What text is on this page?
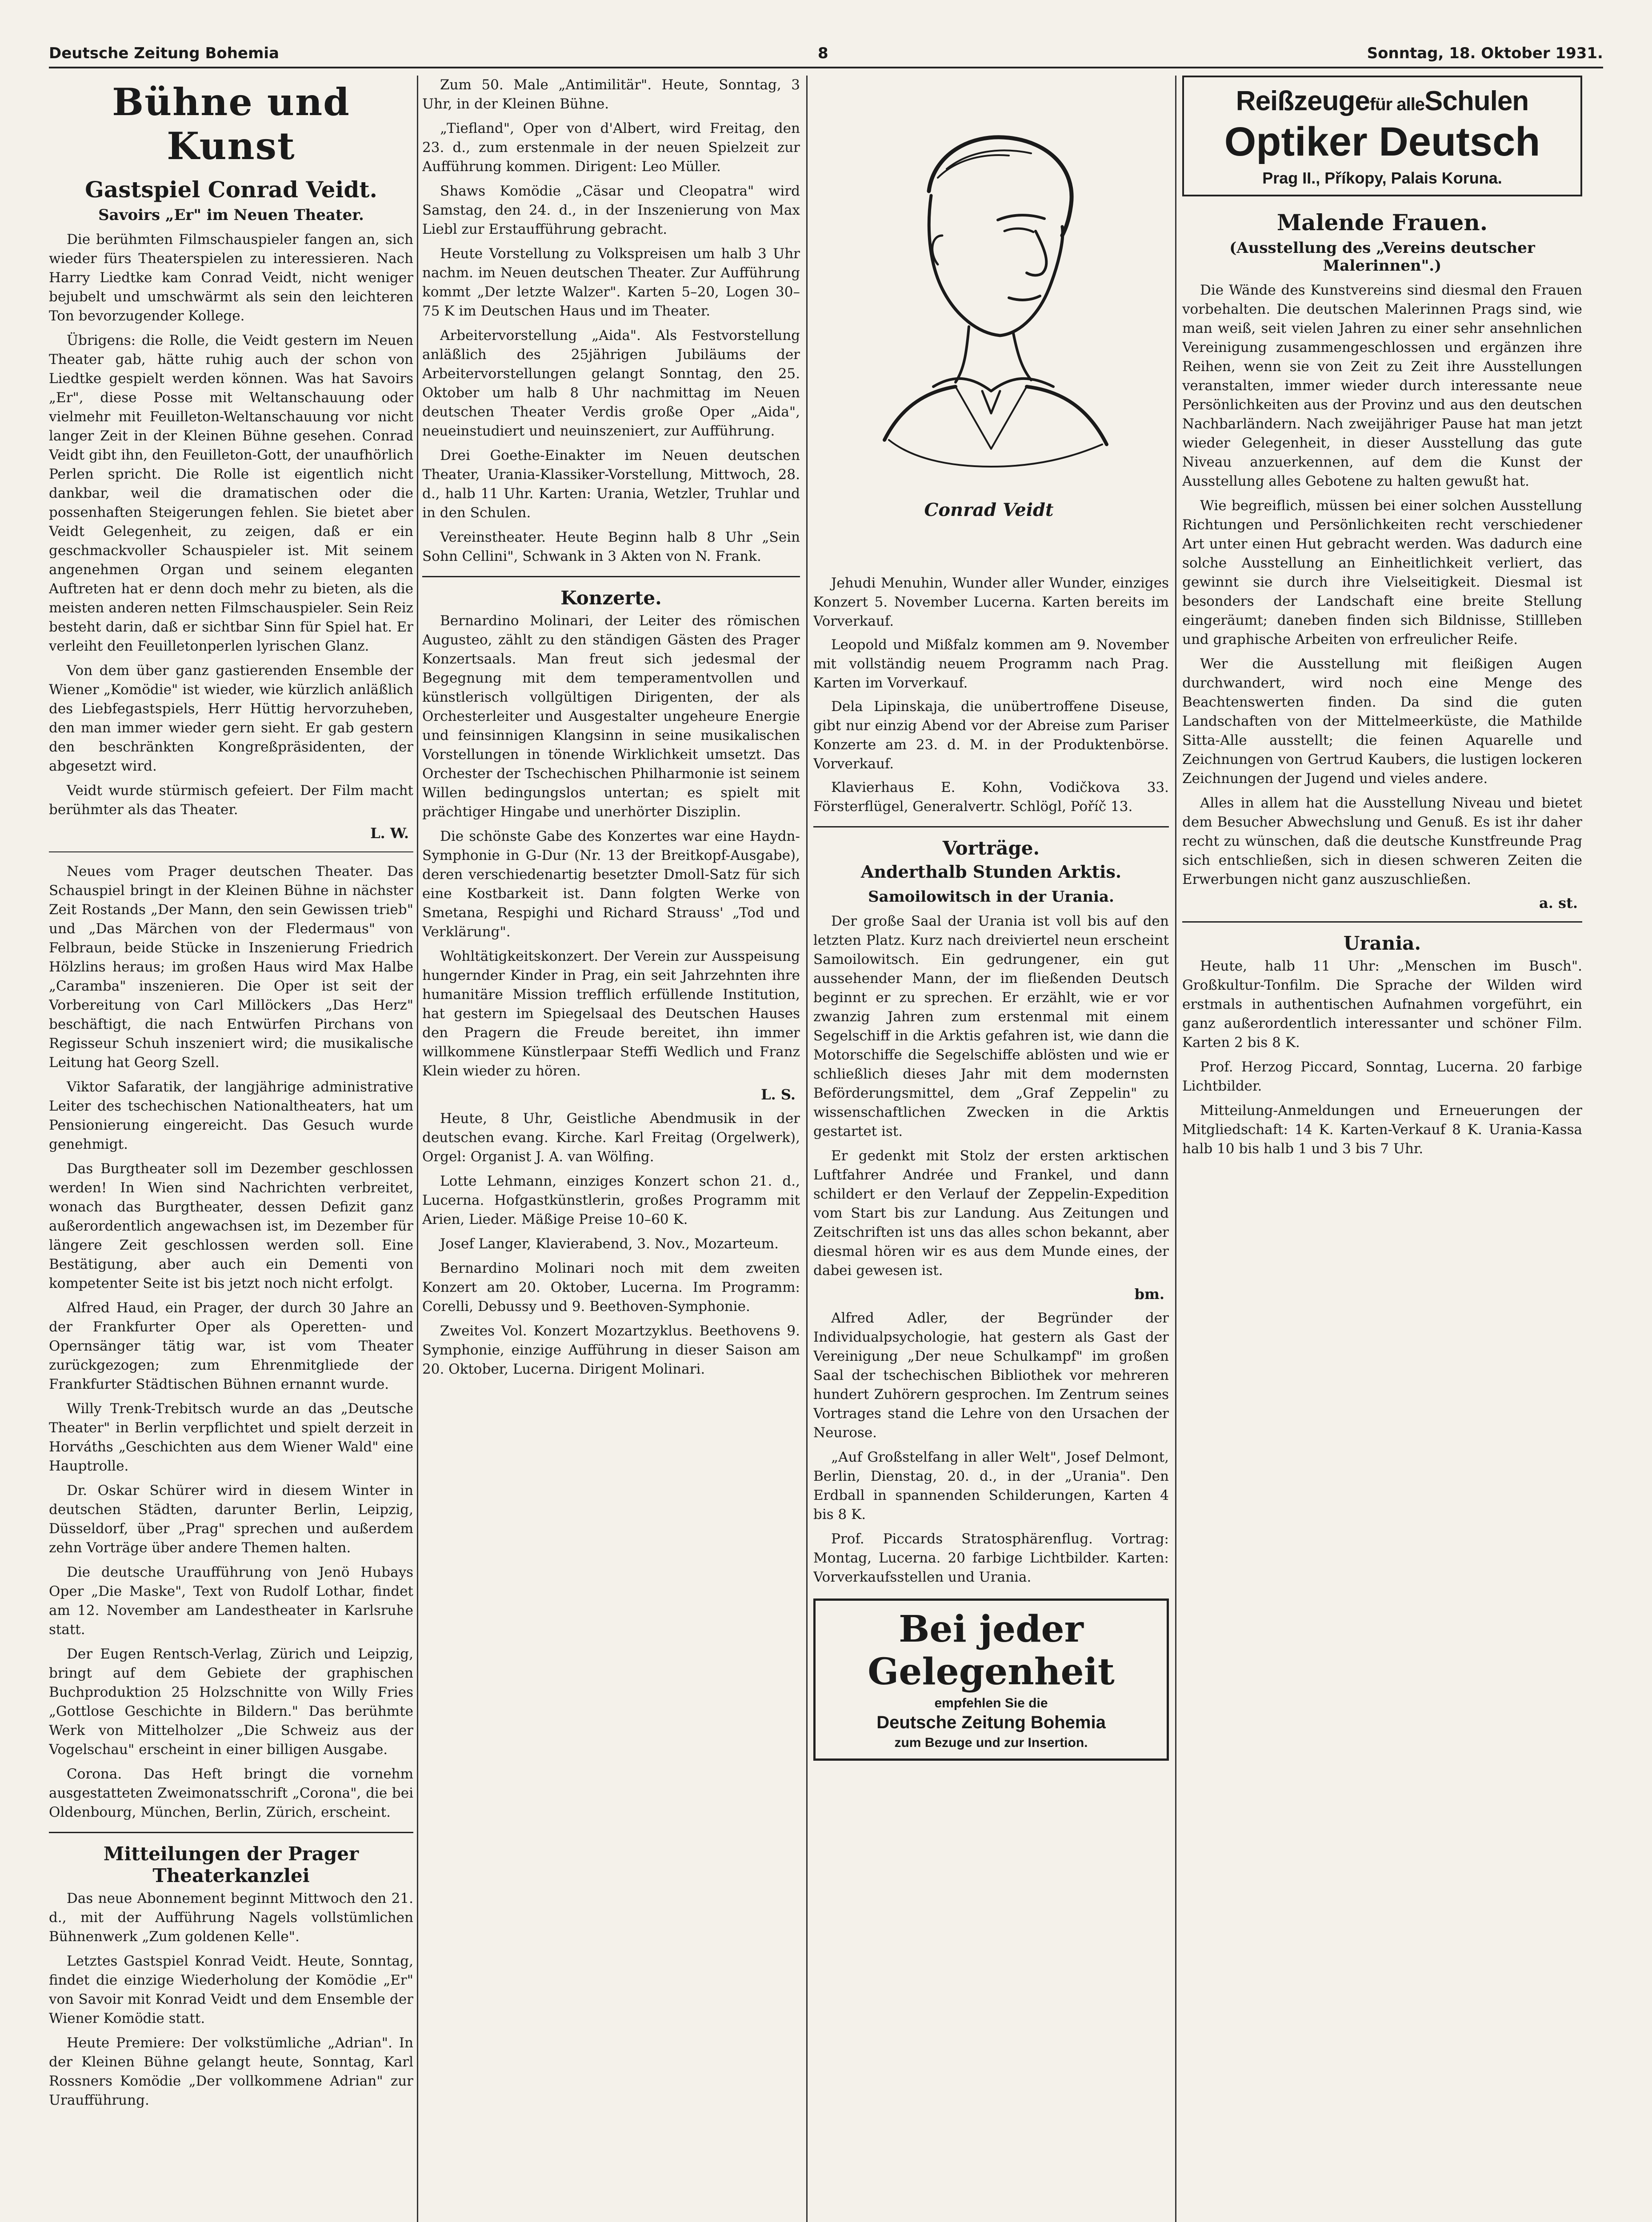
Deutsche Zeitung Bohemia	8	Sonntag, 18. Oktober 1931.
Bühne und Kunst
Gastspiel Conrad Veidt.
Savoirs „Er" im Neuen Theater.

Die berühmten Filmschauspieler fangen an, sich wieder fürs Theaterspielen zu interessieren. Nach Harry Liedtke kam Conrad Veidt, nicht weniger bejubelt und umschwärmt als sein den leichteren Ton bevorzugender Kollege.

Übrigens: die Rolle, die Veidt gestern im Neuen Theater gab, hätte ruhig auch der schon von Liedtke gespielt werden können. Was hat Savoirs „Er", diese Posse mit Weltanschauung oder vielmehr mit Feuilleton-Weltanschauung vor nicht langer Zeit in der Kleinen Bühne gesehen. Conrad Veidt gibt ihn, den Feuilleton-Gott, der unaufhörlich Perlen spricht. Die Rolle ist eigentlich nicht dankbar, weil die dramatischen oder die possenhaften Steigerungen fehlen. Sie bietet aber Veidt Gelegenheit, zu zeigen, daß er ein geschmackvoller Schauspieler ist. Mit seinem angenehmen Organ und seinem eleganten Auftreten hat er denn doch mehr zu bieten, als die meisten anderen netten Filmschauspieler. Sein Reiz besteht darin, daß er sichtbar Sinn für Spiel hat. Er verleiht den Feuilletonperlen lyrischen Glanz.

Von dem über ganz gastierenden Ensemble der Wiener „Komödie" ist wieder, wie kürzlich anläßlich des Liebfegastspiels, Herr Hüttig hervorzuheben, den man immer wieder gern sieht. Er gab gestern den beschränkten Kongreßpräsidenten, der abgesetzt wird.

Veidt wurde stürmisch gefeiert. Der Film macht berühmter als das Theater.

L. W.

Neues vom Prager deutschen Theater. Das Schauspiel bringt in der Kleinen Bühne in nächster Zeit Rostands „Der Mann, den sein Gewissen trieb" und „Das Märchen von der Fledermaus" von Felbraun, beide Stücke in Inszenierung Friedrich Hölzlins heraus; im großen Haus wird Max Halbe „Caramba" inszenieren. Die Oper ist seit der Vorbereitung von Carl Millöckers „Das Herz" beschäftigt, die nach Entwürfen Pirchans von Regisseur Schuh inszeniert wird; die musikalische Leitung hat Georg Szell.

Viktor Safaratik, der langjährige administrative Leiter des tschechischen Nationaltheaters, hat um Pensionierung eingereicht. Das Gesuch wurde genehmigt.

Das Burgtheater soll im Dezember geschlossen werden! In Wien sind Nachrichten verbreitet, wonach das Burgtheater, dessen Defizit ganz außerordentlich angewachsen ist, im Dezember für längere Zeit geschlossen werden soll. Eine Bestätigung, aber auch ein Dementi von kompetenter Seite ist bis jetzt noch nicht erfolgt.

Alfred Haud, ein Prager, der durch 30 Jahre an der Frankfurter Oper als Operetten- und Opernsänger tätig war, ist vom Theater zurückgezogen; zum Ehrenmitgliede der Frankfurter Städtischen Bühnen ernannt wurde.

Willy Trenk-Trebitsch wurde an das „Deutsche Theater" in Berlin verpflichtet und spielt derzeit in Horváths „Geschichten aus dem Wiener Wald" eine Hauptrolle.

Dr. Oskar Schürer wird in diesem Winter in deutschen Städten, darunter Berlin, Leipzig, Düsseldorf, über „Prag" sprechen und außerdem zehn Vorträge über andere Themen halten.

Die deutsche Uraufführung von Jenö Hubays Oper „Die Maske", Text von Rudolf Lothar, findet am 12. November am Landestheater in Karlsruhe statt.

Der Eugen Rentsch-Verlag, Zürich und Leipzig, bringt auf dem Gebiete der graphischen Buchproduktion 25 Holzschnitte von Willy Fries „Gottlose Geschichte in Bildern." Das berühmte Werk von Mittelholzer „Die Schweiz aus der Vogelschau" erscheint in einer billigen Ausgabe.

Corona. Das Heft bringt die vornehm ausgestatteten Zweimonatsschrift „Corona", die bei Oldenbourg, München, Berlin, Zürich, erscheint.

Mitteilungen der Prager Theaterkanzlei

Das neue Abonnement beginnt Mittwoch den 21. d., mit der Aufführung Nagels vollstümlichen Bühnenwerk „Zum goldenen Kelle".

Letztes Gastspiel Konrad Veidt. Heute, Sonntag, findet die einzige Wiederholung der Komödie „Er" von Savoir mit Konrad Veidt und dem Ensemble der Wiener Komödie statt.

Heute Premiere: Der volkstümliche „Adrian". In der Kleinen Bühne gelangt heute, Sonntag, Karl Rossners Komödie „Der vollkommene Adrian" zur Uraufführung.

Zum 50. Male „Antimilitär". Heute, Sonntag, 3 Uhr, in der Kleinen Bühne.

„Tiefland", Oper von d'Albert, wird Freitag, den 23. d., zum erstenmale in der neuen Spielzeit zur Aufführung kommen. Dirigent: Leo Müller.

Shaws Komödie „Cäsar und Cleopatra" wird Samstag, den 24. d., in der Inszenierung von Max Liebl zur Erstaufführung gebracht.

Heute Vorstellung zu Volkspreisen um halb 3 Uhr nachm. im Neuen deutschen Theater. Zur Aufführung kommt „Der letzte Walzer". Karten 5–20, Logen 30–75 K im Deutschen Haus und im Theater.

Arbeitervorstellung „Aida". Als Festvorstellung anläßlich des 25jährigen Jubiläums der Arbeitervorstellungen gelangt Sonntag, den 25. Oktober um halb 8 Uhr nachmittag im Neuen deutschen Theater Verdis große Oper „Aida", neueinstudiert und neuinszeniert, zur Aufführung.

Drei Goethe-Einakter im Neuen deutschen Theater, Urania-Klassiker-Vorstellung, Mittwoch, 28. d., halb 11 Uhr. Karten: Urania, Wetzler, Truhlar und in den Schulen.

Vereinstheater. Heute Beginn halb 8 Uhr „Sein Sohn Cellini", Schwank in 3 Akten von N. Frank.

Konzerte.

Bernardino Molinari, der Leiter des römischen Augusteo, zählt zu den ständigen Gästen des Prager Konzertsaals. Man freut sich jedesmal der Begegnung mit dem temperamentvollen und künstlerisch vollgültigen Dirigenten, der als Orchesterleiter und Ausgestalter ungeheure Energie und feinsinnigen Klangsinn in seine musikalischen Vorstellungen in tönende Wirklichkeit umsetzt. Das Orchester der Tschechischen Philharmonie ist seinem Willen bedingungslos untertan; es spielt mit prächtiger Hingabe und unerhörter Disziplin.

Die schönste Gabe des Konzertes war eine Haydn-Symphonie in G-Dur (Nr. 13 der Breitkopf-Ausgabe), deren verschiedenartig besetzter Dmoll-Satz für sich eine Kostbarkeit ist. Dann folgten Werke von Smetana, Respighi und Richard Strauss' „Tod und Verklärung".

Wohltätigkeitskonzert. Der Verein zur Ausspeisung hungernder Kinder in Prag, ein seit Jahrzehnten ihre humanitäre Mission trefflich erfüllende Institution, hat gestern im Spiegelsaal des Deutschen Hauses den Pragern die Freude bereitet, ihn immer willkommene Künstlerpaar Steffi Wedlich und Franz Klein wieder zu hören.

L. S.

Heute, 8 Uhr, Geistliche Abendmusik in der deutschen evang. Kirche. Karl Freitag (Orgelwerk), Orgel: Organist J. A. van Wölfing.

Lotte Lehmann, einziges Konzert schon 21. d., Lucerna. Hofgastkünstlerin, großes Programm mit Arien, Lieder. Mäßige Preise 10–60 K.

Josef Langer, Klavierabend, 3. Nov., Mozarteum.

Bernardino Molinari noch mit dem zweiten Konzert am 20. Oktober, Lucerna. Im Programm: Corelli, Debussy und 9. Beethoven-Symphonie.

Zweites Vol. Konzert Mozartzyklus. Beethovens 9. Symphonie, einzige Aufführung in dieser Saison am 20. Oktober, Lucerna. Dirigent Molinari.

Conrad Veidt

Jehudi Menuhin, Wunder aller Wunder, einziges Konzert 5. November Lucerna. Karten bereits im Vorverkauf.

Leopold und Mißfalz kommen am 9. November mit vollständig neuem Programm nach Prag. Karten im Vorverkauf.

Dela Lipinskaja, die unübertroffene Diseuse, gibt nur einzig Abend vor der Abreise zum Pariser Konzerte am 23. d. M. in der Produktenbörse. Vorverkauf.

Klavierhaus E. Kohn, Vodičkova 33. Försterflügel, Generalvertr. Schlögl, Poříč 13.

Vorträge.
Anderthalb Stunden Arktis.
Samoilowitsch in der Urania.

Der große Saal der Urania ist voll bis auf den letzten Platz. Kurz nach dreiviertel neun erscheint Samoilowitsch. Ein gedrungener, ein gut aussehender Mann, der im fließenden Deutsch beginnt er zu sprechen. Er erzählt, wie er vor zwanzig Jahren zum erstenmal mit einem Segelschiff in die Arktis gefahren ist, wie dann die Motorschiffe die Segelschiffe ablösten und wie er schließlich dieses Jahr mit dem modernsten Beförderungsmittel, dem „Graf Zeppelin" zu wissenschaftlichen Zwecken in die Arktis gestartet ist.

Er gedenkt mit Stolz der ersten arktischen Luftfahrer Andrée und Frankel, und dann schildert er den Verlauf der Zeppelin-Expedition vom Start bis zur Landung. Aus Zeitungen und Zeitschriften ist uns das alles schon bekannt, aber diesmal hören wir es aus dem Munde eines, der dabei gewesen ist.

bm.

Alfred Adler, der Begründer der Individualpsychologie, hat gestern als Gast der Vereinigung „Der neue Schulkampf" im großen Saal der tschechischen Bibliothek vor mehreren hundert Zuhörern gesprochen. Im Zentrum seines Vortrages stand die Lehre von den Ursachen der Neurose.

„Auf Großstelfang in aller Welt", Josef Delmont, Berlin, Dienstag, 20. d., in der „Urania". Den Erdball in spannenden Schilderungen, Karten 4 bis 8 K.

Prof. Piccards Stratosphärenflug. Vortrag: Montag, Lucerna. 20 farbige Lichtbilder. Karten: Vorverkaufsstellen und Urania.

Bei jeder Gelegenheit
empfehlen Sie die
Deutsche Zeitung Bohemia
zum Bezuge und zur Insertion.
Reißzeugefür alleSchulen
Optiker Deutsch
Prag II., Příkopy, Palais Koruna.
Malende Frauen.
(Ausstellung des „Vereins deutscher Malerinnen".)

Die Wände des Kunstvereins sind diesmal den Frauen vorbehalten. Die deutschen Malerinnen Prags sind, wie man weiß, seit vielen Jahren zu einer sehr ansehnlichen Vereinigung zusammengeschlossen und ergänzen ihre Reihen, wenn sie von Zeit zu Zeit ihre Ausstellungen veranstalten, immer wieder durch interessante neue Persönlichkeiten aus der Provinz und aus den deutschen Nachbarländern. Nach zweijähriger Pause hat man jetzt wieder Gelegenheit, in dieser Ausstellung das gute Niveau anzuerkennen, auf dem die Kunst der Ausstellung alles Gebotene zu halten gewußt hat.

Wie begreiflich, müssen bei einer solchen Ausstellung Richtungen und Persönlichkeiten recht verschiedener Art unter einen Hut gebracht werden. Was dadurch eine solche Ausstellung an Einheitlichkeit verliert, das gewinnt sie durch ihre Vielseitigkeit. Diesmal ist besonders der Landschaft eine breite Stellung eingeräumt; daneben finden sich Bildnisse, Stillleben und graphische Arbeiten von erfreulicher Reife.

Wer die Ausstellung mit fleißigen Augen durchwandert, wird noch eine Menge des Beachtenswerten finden. Da sind die guten Landschaften von der Mittelmeerküste, die Mathilde Sitta-Alle ausstellt; die feinen Aquarelle und Zeichnungen von Gertrud Kaubers, die lustigen lockeren Zeichnungen der Jugend und vieles andere.

Alles in allem hat die Ausstellung Niveau und bietet dem Besucher Abwechslung und Genuß. Es ist ihr daher recht zu wünschen, daß die deutsche Kunstfreunde Prag sich entschließen, sich in diesen schweren Zeiten die Erwerbungen nicht ganz auszuschließen.

a. st.
Urania.

Heute, halb 11 Uhr: „Menschen im Busch". Großkultur-Tonfilm. Die Sprache der Wilden wird erstmals in authentischen Aufnahmen vorgeführt, ein ganz außerordentlich interessanter und schöner Film. Karten 2 bis 8 K.

Prof. Herzog Piccard, Sonntag, Lucerna. 20 farbige Lichtbilder.

Mitteilung-Anmeldungen und Erneuerungen der Mitgliedschaft: 14 K. Karten-Verkauf 8 K. Urania-Kassa halb 10 bis halb 1 und 3 bis 7 Uhr.
